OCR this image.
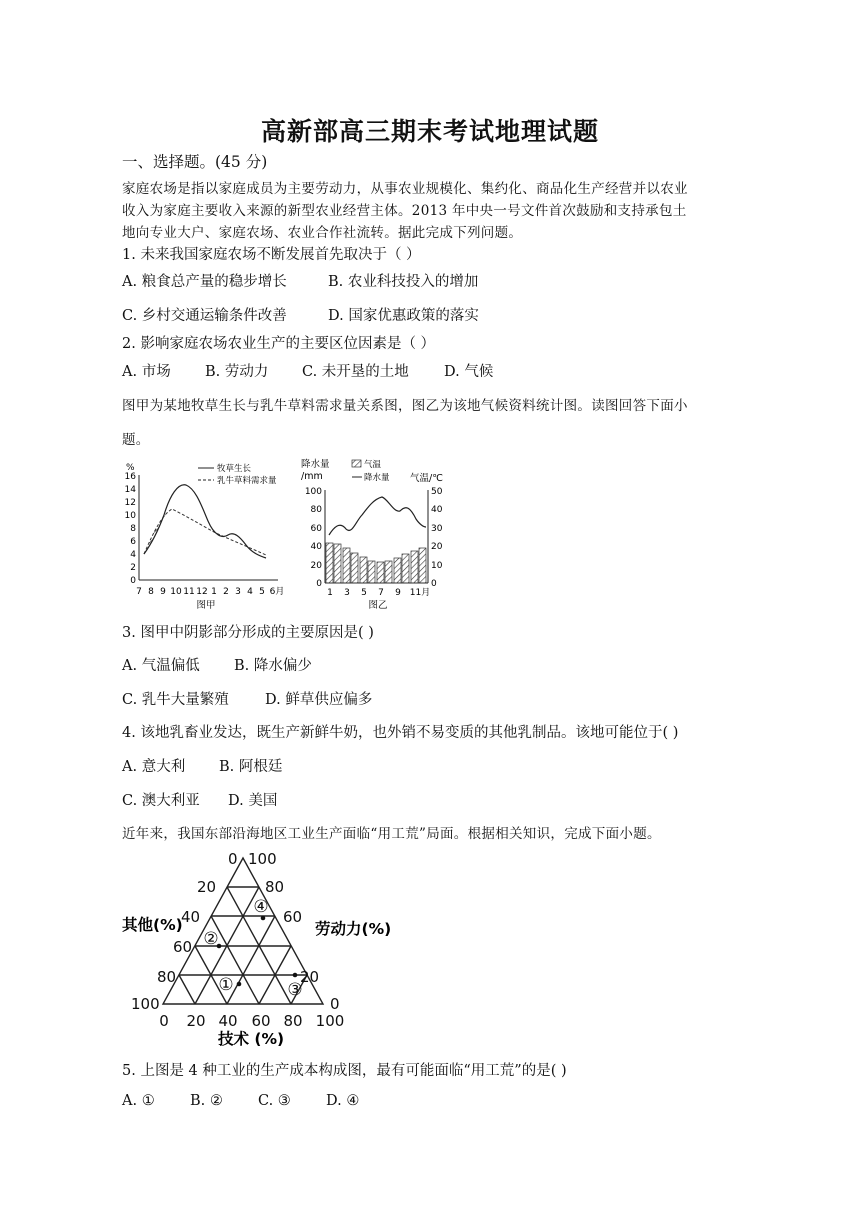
高新部高三期末考试地理试题
一、选择题。(45 分)
家庭农场是指以家庭成员为主要劳动力，从事农业规模化、集约化、商品化生产经营并以农业
收入为家庭主要收入来源的新型农业经营主体。2013 年中央一号文件首次鼓励和支持承包土
地向专业大户、家庭农场、农业合作社流转。据此完成下列问题。
1. 未来我国家庭农场不断发展首先取决于（ ）
A. 粮食总产量的稳步增长	B. 农业科技投入的增加
C. 乡村交通运输条件改善	D. 国家优惠政策的落实
2. 影响家庭农场农业生产的主要区位因素是（ ）
A. 市场 B. 劳动力 C. 未开垦的土地 D. 气候
图甲为某地牧草生长与乳牛草料需求量关系图，图乙为该地气候资料统计图。读图回答下面小
题。
%
0
2
4
6
8
10
12
14
16
牧草生长
乳牛草料需求量
7 8 9 10 11 12 1 2 3 4 5 6月
图甲
降水量
/mm	气温/℃
气温
降水量
0
20
40
60
80
100
0
10
20
30
40
50
1 3 5 7 9 11月
图乙
3. 图甲中阴影部分形成的主要原因是( )
A. 气温偏低 B. 降水偏少
C. 乳牛大量繁殖 D. 鲜草供应偏多
4. 该地乳畜业发达，既生产新鲜牛奶，也外销不易变质的其他乳制品。该地可能位于( )
A. 意大利 B. 阿根廷
C. 澳大利亚 D. 美国
近年来，我国东部沿海地区工业生产面临“用工荒”局面。根据相关知识，完成下面小题。
0 100
20
40
60
80
100
80
60
20
0
0 20 40 60 80 100
其他(%)	劳动力(%)
技术 (%)
①
②
③
④
5. 上图是 4 种工业的生产成本构成图，最有可能面临“用工荒”的是( )
A. ① B. ② C. ③ D. ④
